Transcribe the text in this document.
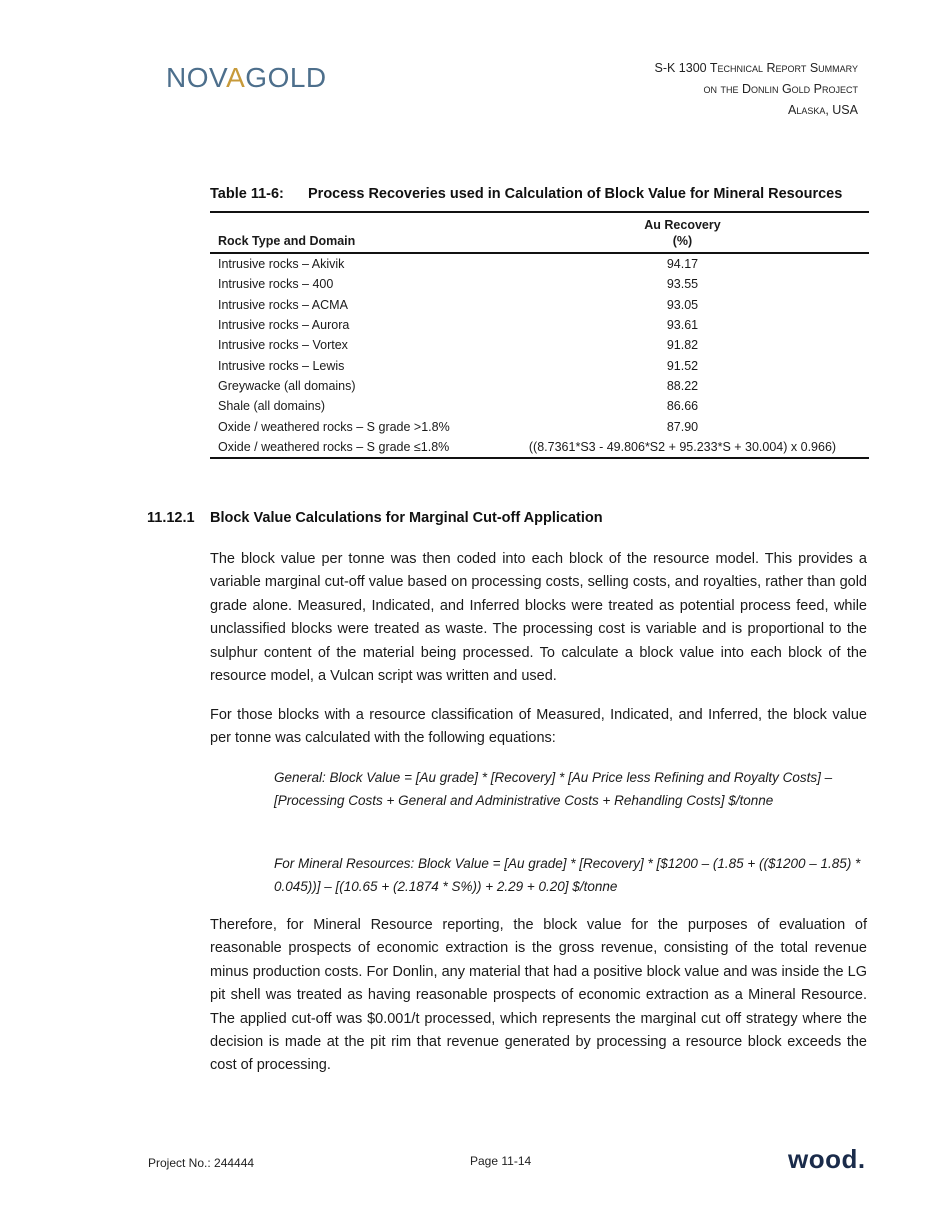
NOVAGOLD	S-K 1300 Technical Report Summary
on the Donlin Gold Project
Alaska, USA
Table 11-6: Process Recoveries used in Calculation of Block Value for Mineral Resources
Rock Type and Domain	Au Recovery
(%)

Intrusive rocks – Akivik	94.17
Intrusive rocks – 400	93.55
Intrusive rocks – ACMA	93.05
Intrusive rocks – Aurora	93.61
Intrusive rocks – Vortex	91.82
Intrusive rocks – Lewis	91.52
Greywacke (all domains)	88.22
Shale (all domains)	86.66
Oxide / weathered rocks – S grade >1.8%	87.90
Oxide / weathered rocks – S grade ≤1.8%	((8.7361*S3 - 49.806*S2 + 95.233*S + 30.004) x 0.966)
11.12.1 Block Value Calculations for Marginal Cut-off Application
The block value per tonne was then coded into each block of the resource model. This provides a variable marginal cut-off value based on processing costs, selling costs, and royalties, rather than gold grade alone. Measured, Indicated, and Inferred blocks were treated as potential process feed, while unclassified blocks were treated as waste. The processing cost is variable and is proportional to the sulphur content of the material being processed. To calculate a block value into each block of the resource model, a Vulcan script was written and used.
For those blocks with a resource classification of Measured, Indicated, and Inferred, the block value per tonne was calculated with the following equations:
General: Block Value = [Au grade] * [Recovery] * [Au Price less Refining and Royalty Costs] – [Processing Costs + General and Administrative Costs + Rehandling Costs] $/tonne
For Mineral Resources: Block Value = [Au grade] * [Recovery] * [$1200 – (1.85 + (($1200 – 1.85) * 0.045))] – [(10.65 + (2.1874 * S%)) + 2.29 + 0.20] $/tonne
Therefore, for Mineral Resource reporting, the block value for the purposes of evaluation of reasonable prospects of economic extraction is the gross revenue, consisting of the total revenue minus production costs. For Donlin, any material that had a positive block value and was inside the LG pit shell was treated as having reasonable prospects of economic extraction as a Mineral Resource. The applied cut-off was $0.001/t processed, which represents the marginal cut off strategy where the decision is made at the pit rim that revenue generated by processing a resource block exceeds the cost of processing.
Project No.: 244444	Page 11-14	wood.
